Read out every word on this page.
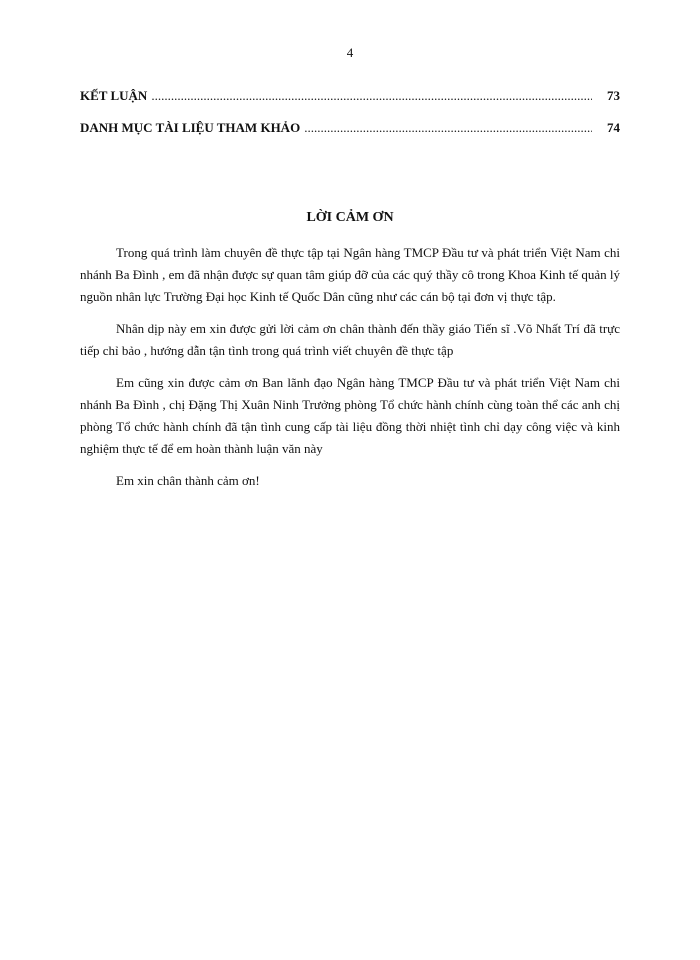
4
KẾT LUẬN .....	73
DANH MỤC TÀI LIỆU THAM KHẢO .....	74
LỜI CẢM ƠN

Trong quá trình làm chuyên đề thực tập tại Ngân hàng TMCP Đầu tư và phát triển Việt Nam chi nhánh Ba Đình , em đã nhận được sự quan tâm giúp đỡ của các quý thầy cô trong Khoa Kinh tế quản lý nguồn nhân lực Trường Đại học Kinh tế Quốc Dân cũng như các cán bộ tại đơn vị thực tập.

Nhân dịp này em xin được gửi lời cảm ơn chân thành đến thầy giáo Tiến sĩ .Võ Nhất Trí đã trực tiếp chỉ bảo , hướng dẫn tận tình trong quá trình viết chuyên đề thực tập

Em cũng xin được cảm ơn Ban lãnh đạo Ngân hàng TMCP Đầu tư và phát triển Việt Nam chi nhánh Ba Đình , chị Đặng Thị Xuân Ninh Trưởng phòng Tổ chức hành chính cùng toàn thể các anh chị phòng Tổ chức hành chính đã tận tình cung cấp tài liệu đồng thời nhiệt tình chỉ dạy công việc và kinh nghiệm thực tế để em hoàn thành luận văn này

Em xin chân thành cảm ơn!
